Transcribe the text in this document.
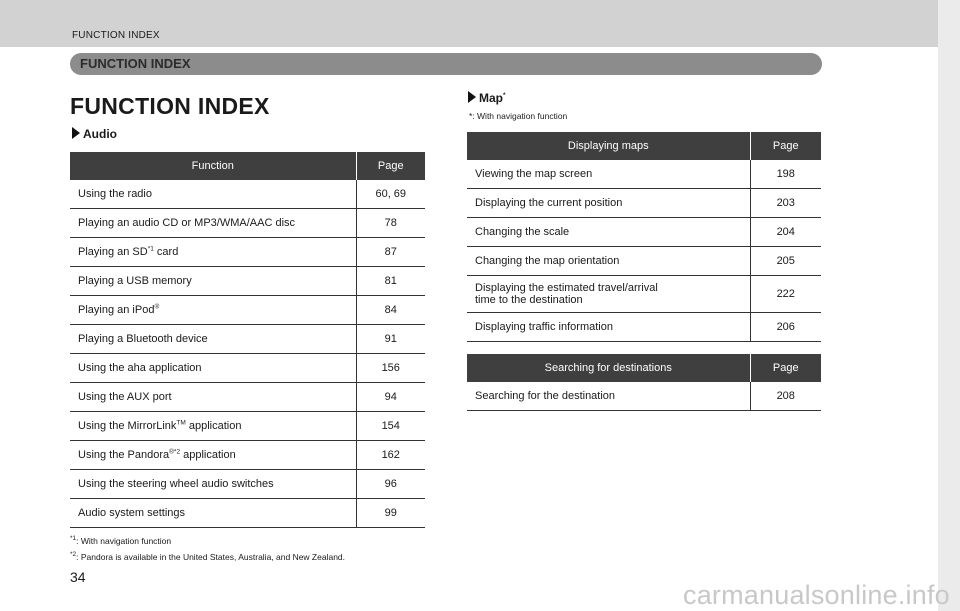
FUNCTION INDEX
FUNCTION INDEX
FUNCTION INDEX
Audio
Function	Page
Using the radio	60, 69
Playing an audio CD or MP3/WMA/AAC disc	78
Playing an SD$^{*1}$ card	87
Playing a USB memory	81
Playing an iPod®	84
Playing a Bluetooth device	91
Using the aha application	156
Using the AUX port	94
Using the MirrorLink™ application	154
Using the Pandora$^{®*2}$ application	162
Using the steering wheel audio switches	96
Audio system settings	99
$^{*1}$: With navigation function
$^{*2}$: Pandora is available in the United States, Australia, and New Zealand.
Map*
*: With navigation function
Displaying maps	Page
Viewing the map screen	198
Displaying the current position	203
Changing the scale	204
Changing the map orientation	205
Displaying the estimated travel/arrival time to the destination	222
Displaying traffic information	206
Searching for destinations	Page
Searching for the destination	208
34
carmanualsonline.info
